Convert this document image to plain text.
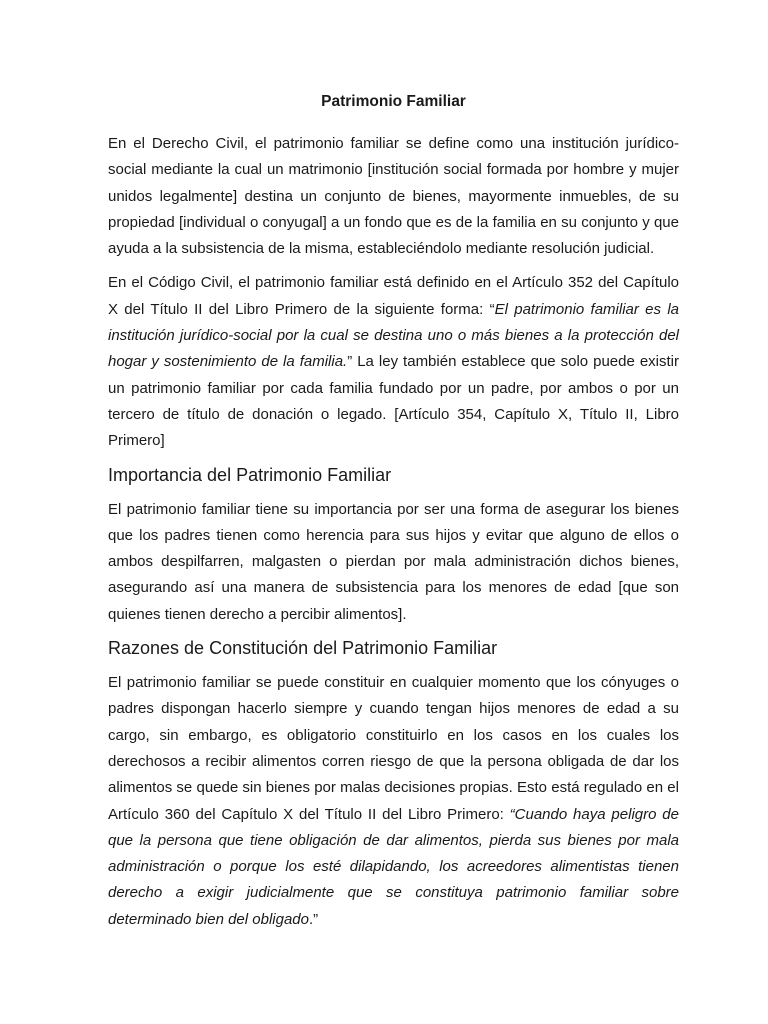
Patrimonio Familiar

En el Derecho Civil, el patrimonio familiar se define como una institución jurídico-social mediante la cual un matrimonio [institución social formada por hombre y mujer unidos legalmente] destina un conjunto de bienes, mayormente inmuebles, de su propiedad [individual o conyugal] a un fondo que es de la familia en su conjunto y que ayuda a la subsistencia de la misma, estableciéndolo mediante resolución judicial.

En el Código Civil, el patrimonio familiar está definido en el Artículo 352 del Capítulo X del Título II del Libro Primero de la siguiente forma: “El patrimonio familiar es la institución jurídico-social por la cual se destina uno o más bienes a la protección del hogar y sostenimiento de la familia.” La ley también establece que solo puede existir un patrimonio familiar por cada familia fundado por un padre, por ambos o por un tercero de título de donación o legado. [Artículo 354, Capítulo X, Título II, Libro Primero]

Importancia del Patrimonio Familiar

El patrimonio familiar tiene su importancia por ser una forma de asegurar los bienes que los padres tienen como herencia para sus hijos y evitar que alguno de ellos o ambos despilfarren, malgasten o pierdan por mala administración dichos bienes, asegurando así una manera de subsistencia para los menores de edad [que son quienes tienen derecho a percibir alimentos].

Razones de Constitución del Patrimonio Familiar

El patrimonio familiar se puede constituir en cualquier momento que los cónyuges o padres dispongan hacerlo siempre y cuando tengan hijos menores de edad a su cargo, sin embargo, es obligatorio constituirlo en los casos en los cuales los derechosos a recibir alimentos corren riesgo de que la persona obligada de dar los alimentos se quede sin bienes por malas decisiones propias. Esto está regulado en el Artículo 360 del Capítulo X del Título II del Libro Primero: “Cuando haya peligro de que la persona que tiene obligación de dar alimentos, pierda sus bienes por mala administración o porque los esté dilapidando, los acreedores alimentistas tienen derecho a exigir judicialmente que se constituya patrimonio familiar sobre determinado bien del obligado.”
